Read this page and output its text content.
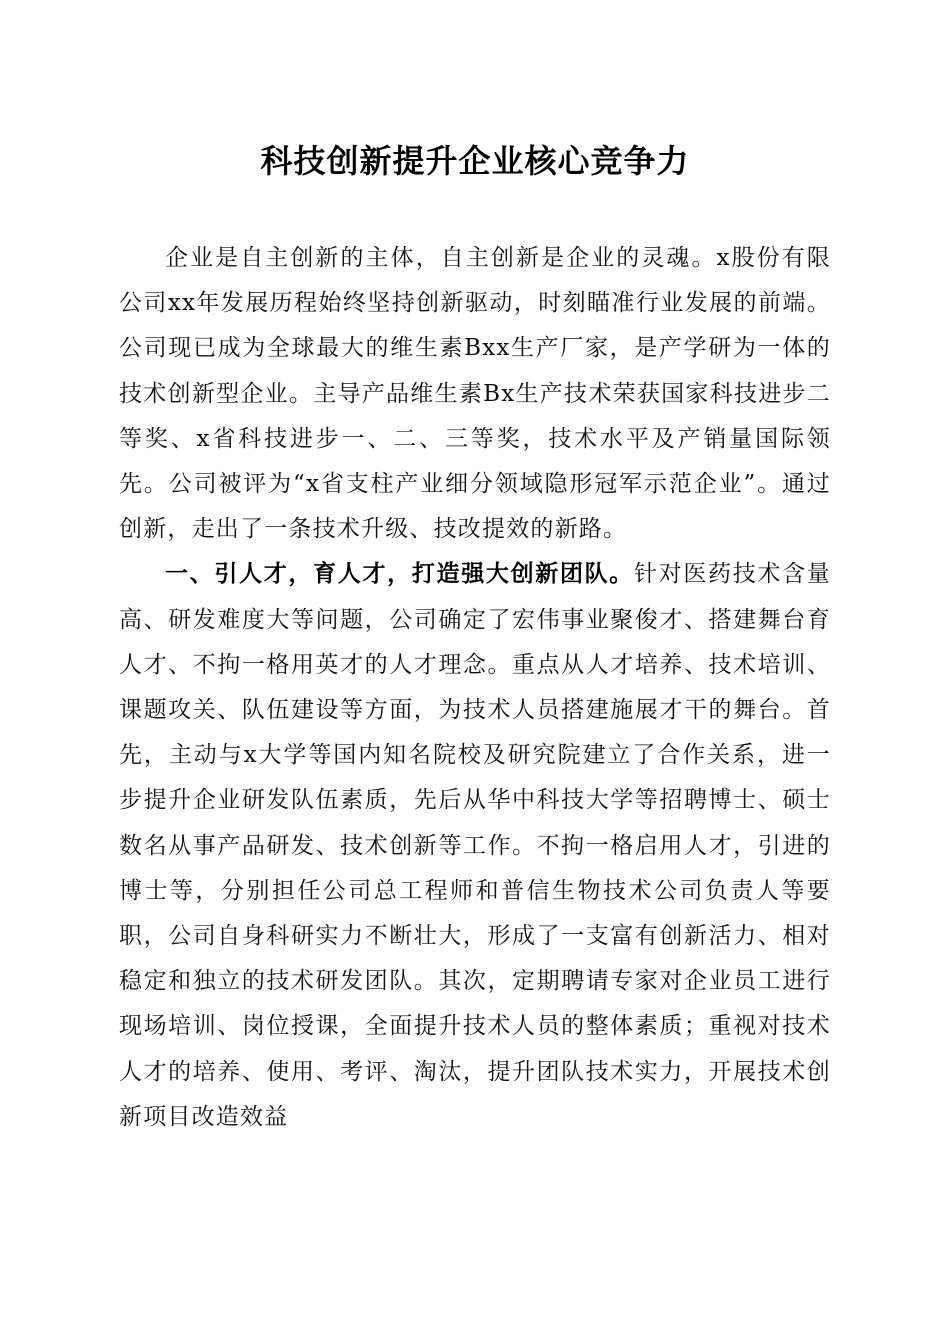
科技创新提升企业核心竞争力

企业是自主创新的主体，自主创新是企业的灵魂。x股份有限公司xx年发展历程始终坚持创新驱动，时刻瞄准行业发展的前端。公司现已成为全球最大的维生素Bxx生产厂家，是产学研为一体的技术创新型企业。主导产品维生素Bx生产技术荣获国家科技进步二等奖、x省科技进步一、二、三等奖，技术水平及产销量国际领先。公司被评为“x省支柱产业细分领域隐形冠军示范企业”。通过创新，走出了一条技术升级、技改提效的新路。

一、引人才，育人才，打造强大创新团队。针对医药技术含量高、研发难度大等问题，公司确定了宏伟事业聚俊才、搭建舞台育人才、不拘一格用英才的人才理念。重点从人才培养、技术培训、课题攻关、队伍建设等方面，为技术人员搭建施展才干的舞台。首先，主动与x大学等国内知名院校及研究院建立了合作关系，进一步提升企业研发队伍素质，先后从华中科技大学等招聘博士、硕士数名从事产品研发、技术创新等工作。不拘一格启用人才，引进的博士等，分别担任公司总工程师和普信生物技术公司负责人等要职，公司自身科研实力不断壮大，形成了一支富有创新活力、相对稳定和独立的技术研发团队。其次，定期聘请专家对企业员工进行现场培训、岗位授课，全面提升技术人员的整体素质；重视对技术人才的培养、使用、考评、淘汰，提升团队技术实力，开展技术创新项目改造效益
